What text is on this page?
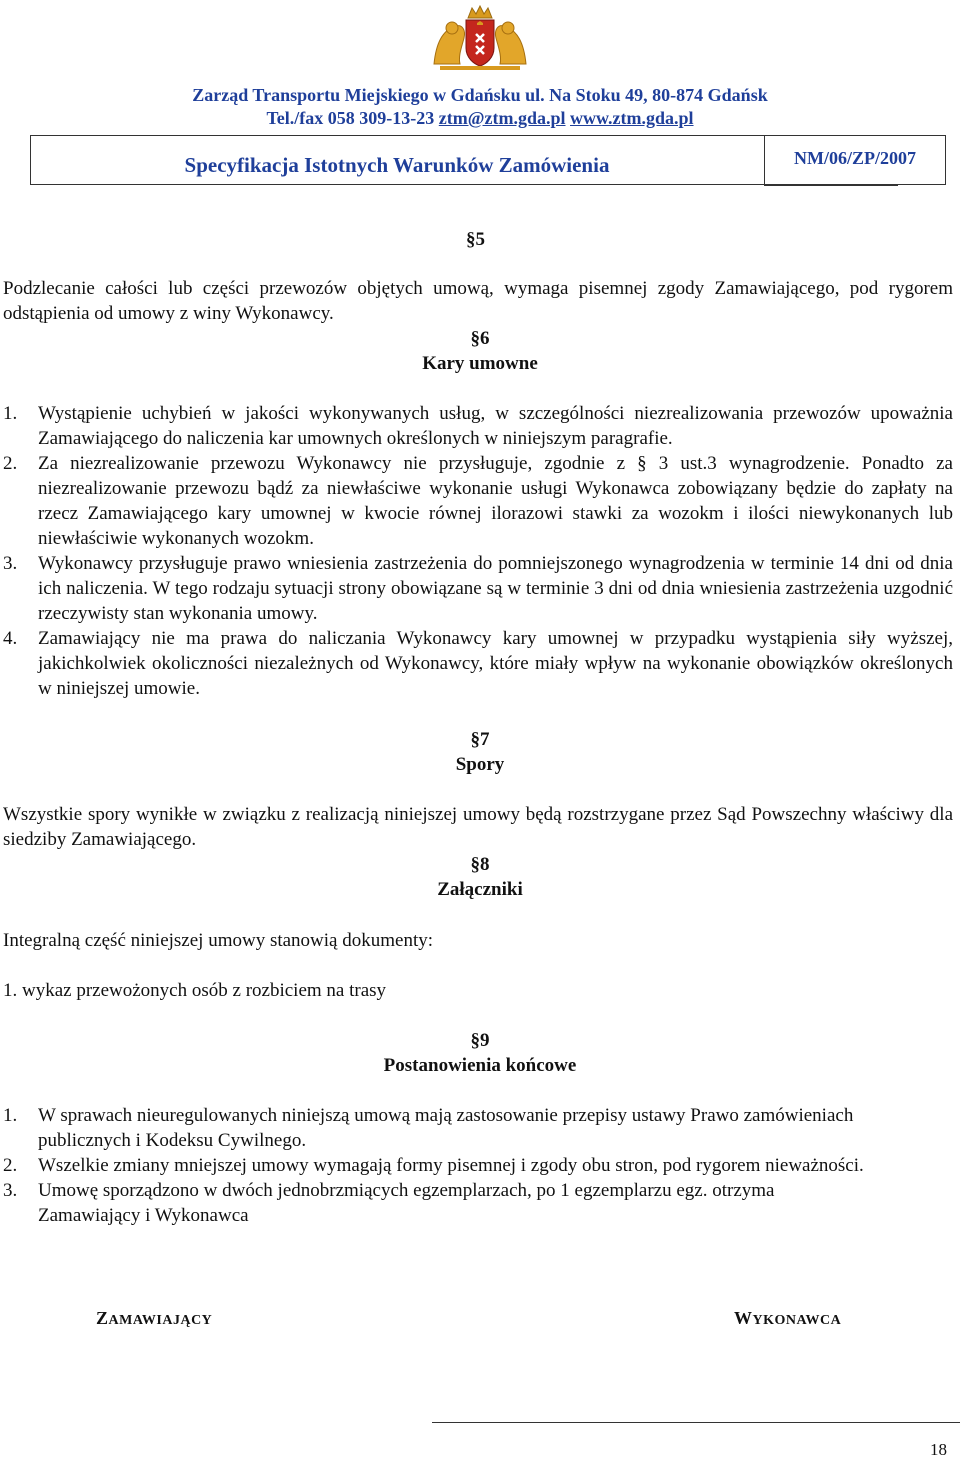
Zarząd Transportu Miejskiego w Gdańsku ul. Na Stoku 49, 80-874 Gdańsk
Tel./fax 058 309-13-23 ztm@ztm.gda.pl www.ztm.gda.pl
Specyfikacja Istotnych Warunków Zamówienia	NM/06/ZP/2007
§5
Podzlecanie całości lub części przewozów objętych umową, wymaga pisemnej zgody Zamawiającego, pod rygorem odstąpienia od umowy z winy Wykonawcy.
§6
Kary umowne
1. Wystąpienie uchybień w jakości wykonywanych usług, w szczególności niezrealizowania przewozów upoważnia Zamawiającego do naliczenia kar umownych określonych w niniejszym paragrafie.
2. Za niezrealizowanie przewozu Wykonawcy nie przysługuje, zgodnie z § 3 ust.3 wynagrodzenie. Ponadto za niezrealizowanie przewozu bądź za niewłaściwe wykonanie usługi Wykonawca zobowiązany będzie do zapłaty na rzecz Zamawiającego kary umownej w kwocie równej ilorazowi stawki za wozokm i ilości niewykonanych lub niewłaściwie wykonanych wozokm.
3. Wykonawcy przysługuje prawo wniesienia zastrzeżenia do pomniejszonego wynagrodzenia w terminie 14 dni od dnia ich naliczenia. W tego rodzaju sytuacji strony obowiązane są w terminie 3 dni od dnia wniesienia zastrzeżenia uzgodnić rzeczywisty stan wykonania umowy.
4. Zamawiający nie ma prawa do naliczania Wykonawcy kary umownej w przypadku wystąpienia siły wyższej, jakichkolwiek okoliczności niezależnych od Wykonawcy, które miały wpływ na wykonanie obowiązków określonych w niniejszej umowie.
§7
Spory
Wszystkie spory wynikłe w związku z realizacją niniejszej umowy będą rozstrzygane przez Sąd Powszechny właściwy dla siedziby Zamawiającego.
§8
Załączniki
Integralną część niniejszej umowy stanowią dokumenty:
1. wykaz przewożonych osób z rozbiciem na trasy
§9
Postanowienia końcowe
1. W sprawach nieuregulowanych niniejszą umową mają zastosowanie przepisy ustawy Prawo zamówieniach publicznych i Kodeksu Cywilnego.
2. Wszelkie zmiany mniejszej umowy wymagają formy pisemnej i zgody obu stron, pod rygorem nieważności.
3. Umowę sporządzono w dwóch jednobrzmiących egzemplarzach, po 1 egzemplarzu egz. otrzyma Zamawiający i Wykonawca
ZAMAWIAJĄCY	WYKONAWCA
18
